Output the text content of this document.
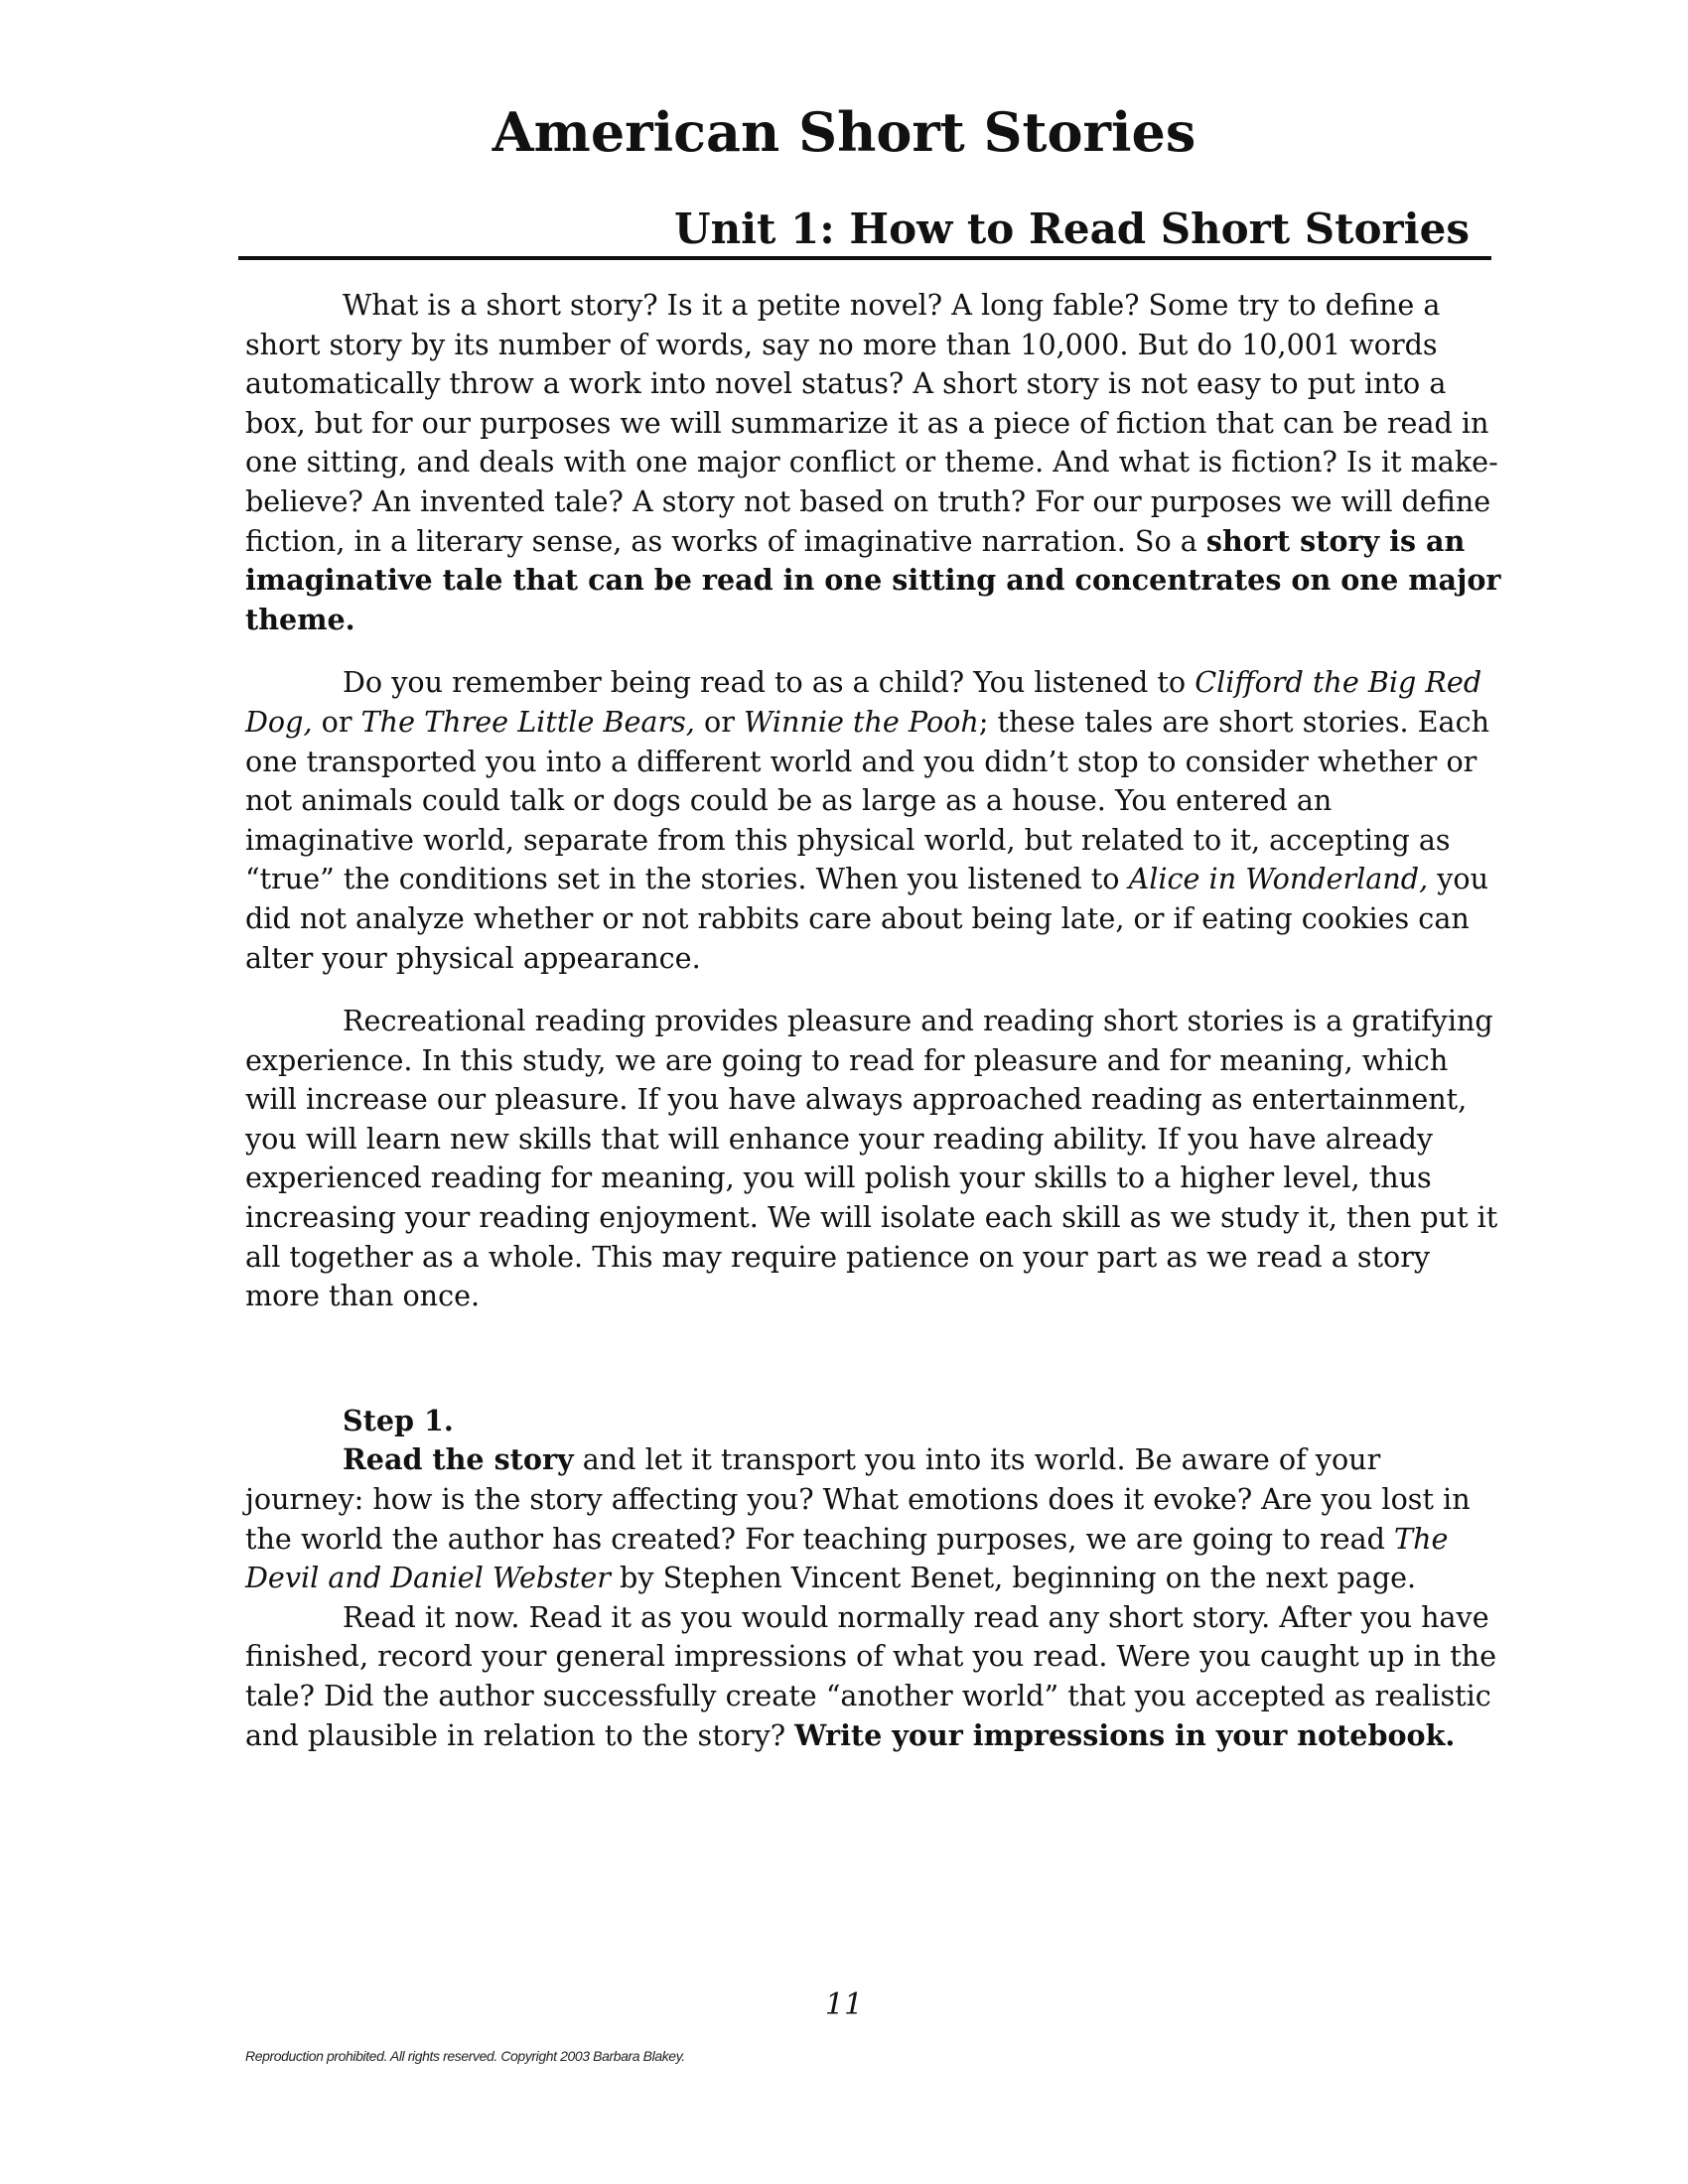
American Short Stories
Unit 1: How to Read Short Stories

What is a short story? Is it a petite novel? A long fable? Some try to define a short story by its number of words, say no more than 10,000. But do 10,001 words automatically throw a work into novel status? A short story is not easy to put into a box, but for our purposes we will summarize it as a piece of fiction that can be read in one sitting, and deals with one major conflict or theme. And what is fiction? Is it make-believe? An invented tale? A story not based on truth? For our purposes we will define fiction, in a literary sense, as works of imaginative narration. So a short story is an imaginative tale that can be read in one sitting and concentrates on one major theme.

Do you remember being read to as a child? You listened to Clifford the Big Red Dog, or The Three Little Bears, or Winnie the Pooh; these tales are short stories. Each one transported you into a different world and you didn’t stop to consider whether or not animals could talk or dogs could be as large as a house. You entered an imaginative world, separate from this physical world, but related to it, accepting as “true” the conditions set in the stories. When you listened to Alice in Wonderland, you did not analyze whether or not rabbits care about being late, or if eating cookies can alter your physical appearance.

Recreational reading provides pleasure and reading short stories is a gratifying experience. In this study, we are going to read for pleasure and for meaning, which will increase our pleasure. If you have always approached reading as entertainment, you will learn new skills that will enhance your reading ability. If you have already experienced reading for meaning, you will polish your skills to a higher level, thus increasing your reading enjoyment. We will isolate each skill as we study it, then put it all together as a whole. This may require patience on your part as we read a story more than once.

Step 1.

Read the story and let it transport you into its world. Be aware of your journey: how is the story affecting you? What emotions does it evoke? Are you lost in the world the author has created? For teaching purposes, we are going to read The Devil and Daniel Webster by Stephen Vincent Benet, beginning on the next page.

Read it now. Read it as you would normally read any short story. After you have finished, record your general impressions of what you read. Were you caught up in the tale? Did the author successfully create “another world” that you accepted as realistic and plausible in relation to the story? Write your impressions in your notebook.

11
Reproduction prohibited. All rights reserved. Copyright 2003 Barbara Blakey.
